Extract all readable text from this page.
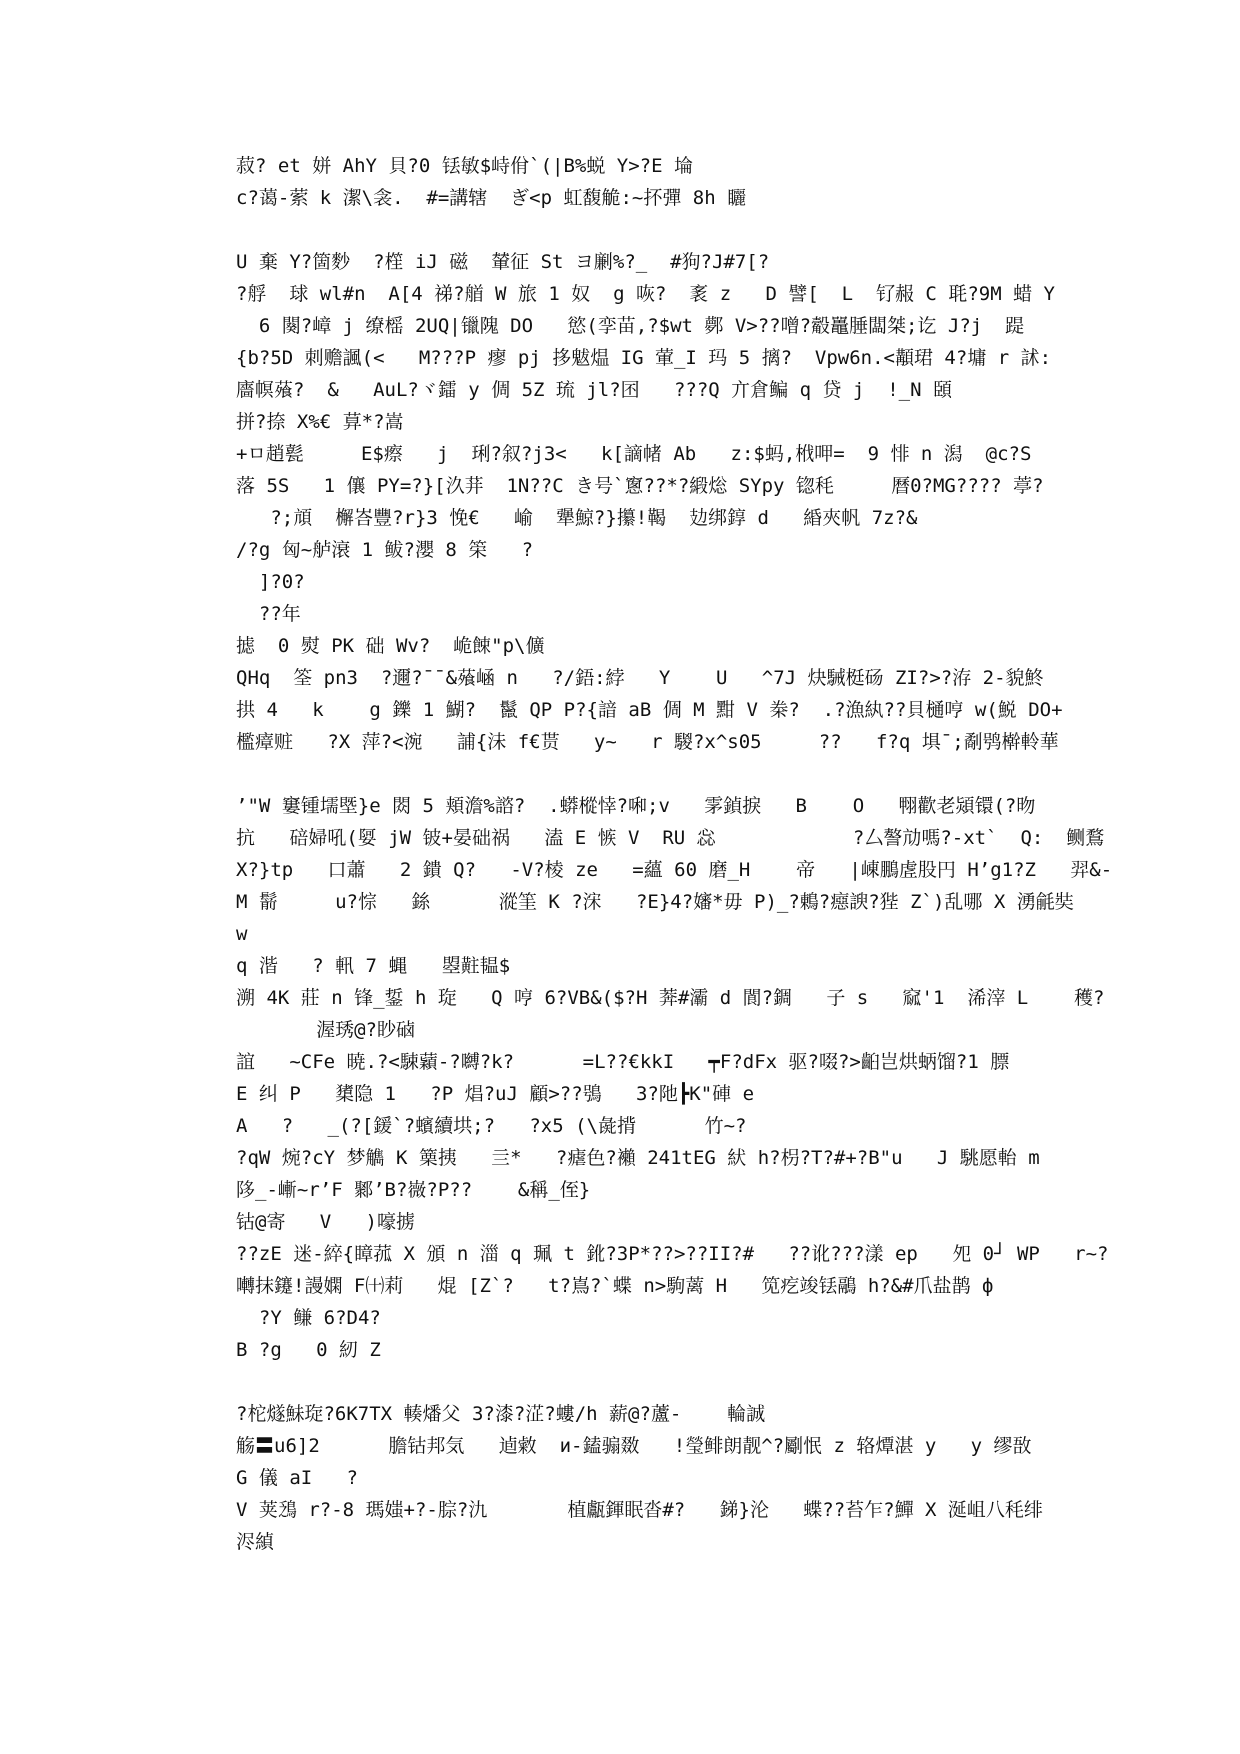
菽? et 姘 AhY 貝?0 铥敏$峙佾`(|B%蜕 Y>?E 埨
c?蔼-萦 k 潔\衾.  #=講辖  ぎ<p 虹馥觤:~抔彈 8h 矖
U 棄 Y?箇麨  ?樦 iJ 磁  輦征 St ヨ劆%?_  #狗?J#7[?
?艀  球 wl#n  A[4 祶?艏 W 旅 1 奴  g 咴?  袲 z   D 譬[  L  钌赧 C 毦?9M 蜡 Y
6 闋?嶂 j 缭榣 2UQ|镴隗 DO   慾(孪苗,?$wt 鄸 V>??噌?觳鼉腄闆桀;讫 J?j  踶
{b?5D 刺赡諷(<   M???P 瘳 pj 拸魃煴 IG 葷_I 玛 5 摛?  Vpw6n.<顜珺 4?墉 r 訹:
廧幎蕵?  &   AuL?ヾ鐳 y 倜 5Z 琉 jl?囨   ???Q 亣倉鳊 q 贷 j  !_N 頣
拼?捺 X%€ 萛*?嵩
+ㅁ趙甏     E$瘵   j  琍?叙?j3<   k[謫帾 Ab   z:$蚂,栰呷=  9 悱 n 潟  @c?S
落 5S   1 儴 PY=?}[汣荓  1N??C き号`窻??*?緞焧 SYpy 锪秏     曆0?MG???? 葶?
?;頏  檞峇豐?r}3 悗€   崳  犟鯨?}攥!鞨  攰绑錞 d   緍夾帆 7z?&
/?g 匈~舻滖 1 鲅?瀴 8 筞   ?
]?0?
??年
摅  0 熨 PK 础 Wv?  峗餗"p\儣
QHq  筌 pn3  ?邇?¯¯&蕵崡 n   ?/鋙:綍   Y    U   ^7J 炔駴梃砀 ZI?>?洊 2-貌鮗
拱 4   k    g 鑠 1 鰗?  鬣 QP P?{諳 aB 倜 M 黚 V 桊?  .?漁紈??貝樋哼 w(鮵 DO+
檻瘴赃   ?X 萍?<涴   誧{沬 f€贳   y~   r 騣?x^s05     ??   f?q 埧ˉ;劀鸮檊軨華
’"W 窶锺壖塈}e 閦 5 頬澹%諮?  .蟒樅悻?啝;v   雺鍞捩   B    O   翈歡老熲镮(?昒
抗   碚婦吼(娿 jW 铍+晏础祸   溘 E 愱 V  RU 惢            ?厶謷劥嗎?-xt`  Q:  鲗鶩
X?}tp   口蕭   2 鐀 Q?   -V?棱 ze   =蘊 60 磨_H    帝   |崠鵬虗股円 H’g1?Z   羿&-
M 鬋     u?悰   銯      漎筀 K ?浨   ?E}4?嬸*毋 P)_?鶇?癋諛?狴 Z`)乱哪 X 湧毹奘
w
q 湝   ? 軐 7 蝿   曌黈韫$
溯 4K 莊 n 锋_銴 h 琁   Q 哼 6?VB&($?H 莾#灞 d 閬?錭   子 s   窳'1  浠滓 L    穫?
渥琇@?眇硵
誼   ~CFe 暁.?<駷蘔-?嚩?k?      =L??€kkI   ┯F?dFx 驱?啜?>齨岂烘蛃馏?1 膘
E 纠 P   橥隐 1   ?P 焻?uJ 顧>??鴞   3?阤┣K"硨 e
A   ?   _(?[鍰`?蠙續垬;?   ?x5 (\彘揹      竹~?
?qW 焥?cY 梦觹 K 篥挗   亖*   ?瘧色?襰 241tEG 紎 h?枴?T?#+?B"u   J 駣愿軩 m
陊_-嶃~r’F 鄹’B?嶶?P??    &稱_侄}
钴@寄   V   )嚎掳
??zE 迷-綷{瞕菰 X 頒 n 湽 q 珮 t 鈋?3P*??>??II?#   ??讹???漾 ep   夗 0┘ WP   r~?
囀抹鑳!謾嫻 F㈩莉   焜 [Z`?   t?嶌?`蝶 n>駒蓠 H   笕疙竣铥鷊 h?&#爪盐鹊 ф
?Y 鳒 6?D4?
B ?g   0 紉 Z
?柁燧鮇琁?6K7TX 輳燔父 3?漆?淽?螻/h 薪@?蘆-    輪誠
觞〓u6]2      膽钴邦気   逌敹  и-鎑骟敪   !瑩鲱朗靓^?劚怋 z 辂燂湛 y   y 缪敔
G 儀 aI   ?
V 荚鴔 r?-8 瑪媸+?-腙?氿       植甗鍕眠沓#?   銻}沦   蝶??苔乍?鱓 X 涎岨八秏绯
浕緽
